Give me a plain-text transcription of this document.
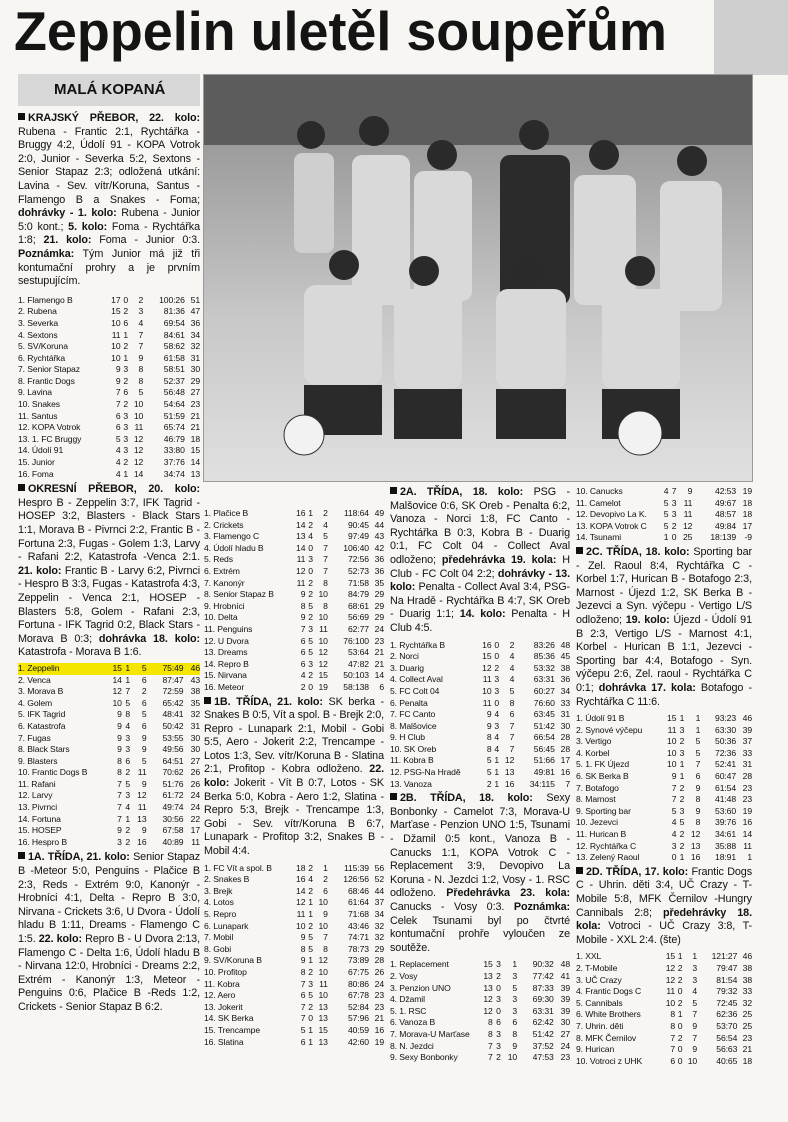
Zeppelin uletěl soupeřům
MALÁ KOPANÁ

KRAJSKÝ PŘEBOR, 22. kolo: Rubena - Frantic 2:1, Rychtářka - Bruggy 4:2, Údolí 91 - KOPA Votrok 2:0, Junior - Severka 5:2, Sextons - Senior Stapaz 2:3; odložená utkání: Lavina - Sev. vítr/Koruna, Santus - Flamengo B a Snakes - Foma; dohrávky - 1. kolo: Rubena - Junior 5:0 kont.; 5. kolo: Foma - Rychtářka 1:8; 21. kolo: Foma - Junior 0:3. Poznámka: Tým Junior má již tři kontumační prohry a je prvním sestupujícím.

1. Flamengo B	17	0	2	100:26	51
2. Rubena	15	2	3	81:36	47
3. Severka	10	6	4	69:54	36
4. Sextons	11	1	7	84:61	34
5. SV/Koruna	10	2	7	58:62	32
6. Rychtářka	10	1	9	61:58	31
7. Senior Stapaz	9	3	8	58:51	30
8. Frantic Dogs	9	2	8	52:37	29
9. Lavina	7	6	5	56:48	27
10. Snakes	7	2	10	54:64	23
11. Santus	6	3	10	51:59	21
12. KOPA Votrok	6	3	11	65:74	21
13. 1. FC Bruggy	5	3	12	46:79	18
14. Údolí 91	4	3	12	33:80	15
15. Junior	4	2	12	37:76	14
16. Foma	4	1	14	34:74	13

OKRESNÍ PŘEBOR, 20. kolo: Hespro B - Zeppelin 3:7, IFK Tagrid - HOSEP 3:2, Blasters - Black Stars 1:1, Morava B - Pivrnci 2:2, Frantic B - Fortuna 2:3, Fugas - Golem 1:3, Larvy - Rafani 2:2, Katastrofa -Venca 2:1. 21. kolo: Frantic B - Larvy 6:2, Pivrnci - Hespro B 3:3, Fugas - Katastrofa 4:3, Zeppelin - Venca 2:1, HOSEP - Blasters 5:8, Golem - Rafani 2:3, Fortuna - IFK Tagrid 0:2, Black Stars - Morava B 0:3; dohrávka 18. kolo: Katastrofa - Morava B 1:6.

1. Zeppelin	15	1	5	75:49	46
2. Venca	14	1	6	87:47	43
3. Morava B	12	7	2	72:59	38
4. Golem	10	5	6	65:42	35
5. IFK Tagrid	9	8	5	48:41	32
6. Katastrofa	9	4	6	50:42	31
7. Fugas	9	3	9	53:55	30
8. Black Stars	9	3	9	49:56	30
9. Blasters	8	6	5	64:51	27
10. Frantic Dogs B	8	2	11	70:62	26
11. Rafani	7	5	9	51:76	26
12. Larvy	7	3	12	61:72	24
13. Pivrnci	7	4	11	49:74	24
14. Fortuna	7	1	13	30:56	22
15. HOSEP	9	2	9	67:58	17
16. Hespro B	3	2	16	40:89	11

1A. TŘÍDA, 21. kolo: Senior Stapaz B -Meteor 5:0, Penguins - Plačice B 2:3, Reds - Extrém 9:0, Kanonýr - Hrobníci 4:1, Delta - Repro B 3:0, Nirvana - Crickets 3:6, U Dvora - Údolí hladu B 1:11, Dreams - Flamengo C 1:5. 22. kolo: Repro B - U Dvora 2:13, Flamengo C - Delta 1:6, Údolí hladu B - Nirvana 12:0, Hrobníci - Dreams 2:2, Extrém - Kanonýr 1:3, Meteor - Penguins 0:6, Plačice B -Reds 1:2, Crickets - Senior Stapaz B 6:2.

1. Plačice B	16	1	2	118:64	49
2. Crickets	14	2	4	90:45	44
3. Flamengo C	13	4	5	97:49	43
4. Údolí hladu B	14	0	7	106:40	42
5. Reds	11	3	7	72:56	36
6. Extrém	12	0	7	52:73	36
7. Kanonýr	11	2	8	71:58	35
8. Senior Stapaz B	9	2	10	84:79	29
9. Hrobníci	8	5	8	68:61	29
10. Delta	9	2	10	56:69	29
11. Penguins	7	3	11	62:77	24
12. U Dvora	6	5	10	76:100	23
13. Dreams	6	5	12	53:64	21
14. Repro B	6	3	12	47:82	21
15. Nirvana	4	2	15	50:103	14
16. Meteor	2	0	19	58:138	6

1B. TŘÍDA, 21. kolo: SK berka - Snakes B 0:5, Vít a spol. B - Brejk 2:0, Repro - Lunapark 2:1, Mobil - Gobi 5:5, Aero - Jokerit 2:2, Trencampe - Lotos 1:3, Sev. vítr/Koruna B - Slatina 2:1, Profitop - Kobra odloženo. 22. kolo: Jokerit - Vít B 0:7, Lotos - SK Berka 5:0, Kobra - Aero 1:2, Slatina - Repro 5:3, Brejk - Trencampe 1:3, Gobi - Sev. vítr/Koruna B 6:7, Lunapark - Profitop 3:2, Snakes B - Mobil 4:4.

1. FC Vít a spol. B	18	2	1	115:39	56
2. Snakes B	16	4	2	126:56	52
3. Brejk	14	2	6	68:46	44
4. Lotos	12	1	10	61:64	37
5. Repro	11	1	9	71:68	34
6. Lunapark	10	2	10	43:46	32
7. Mobil	9	5	7	74:71	32
8. Gobi	8	5	8	78:73	29
9. SV/Koruna B	9	1	12	73:89	28
10. Profitop	8	2	10	67:75	26
11. Kobra	7	3	11	80:86	24
12. Aero	6	5	10	67:78	23
13. Jokerit	7	2	13	52:84	23
14. SK Berka	7	0	13	57:96	21
15. Trencampe	5	1	15	40:59	16
16. Slatina	6	1	13	42:60	19

2A. TŘÍDA, 18. kolo: PSG - Malšovice 0:6, SK Oreb - Penalta 6:2, Vanoza - Norci 1:8, FC Canto - Rychtářka B 0:3, Kobra B - Duarig 0:1, FC Colt 04 - Collect Aval odloženo; předehrávka 19. kola: H Club - FC Colt 04 2:2; dohrávky - 13. kolo: Penalta - Collect Aval 3:4, PSG-Na Hradě - Rychtářka B 4:7, SK Oreb - Duarig 1:1; 14. kolo: Penalta - H Club 4:5.

1. Rychtářka B	16	0	2	83:26	48
2. Norci	15	0	4	85:36	45
3. Duarig	12	2	4	53:32	38
4. Collect Aval	11	3	4	63:31	36
5. FC Colt 04	10	3	5	60:27	34
6. Penalta	11	0	8	76:60	33
7. FC Canto	9	4	6	63:45	31
8. Malšovice	9	3	7	51:42	30
9. H Club	8	4	7	66:54	28
10. SK Oreb	8	4	7	56:45	28
11. Kobra B	5	1	12	51:66	17
12. PSG-Na Hradě	5	1	13	49:81	16
13. Vanoza	2	1	16	34:115	7

2B. TŘÍDA, 18. kolo: Sexy Bonbonky - Camelot 7:3, Morava-U Marťase - Penzion UNO 1:5, Tsunami - Džamil 0:5 kont., Vanoza B - Canucks 1:1, KOPA Votrok C - Replacement 3:9, Devopivo La Koruna - N. Jezdci 1:2, Vosy - 1. RSC odloženo. Předehrávka 23. kola: Canucks - Vosy 0:3. Poznámka: Celek Tsunami byl po čtvrté kontumační prohře vyloučen ze soutěže.

1. Replacement	15	3	1	90:32	48
2. Vosy	13	2	3	77:42	41
3. Penzion UNO	13	0	5	87:33	39
4. Džamil	12	3	3	69:30	39
5. 1. RSC	12	0	3	63:31	39
6. Vanoza B	8	6	6	62:42	30
7. Morava-U Marťase	8	3	8	51:42	27
8. N. Jezdci	7	3	9	37:52	24
9. Sexy Bonbonky	7	2	10	47:53	23
10. Canucks	4	7	9	42:53	19
11. Camelot	5	3	11	49:67	18
12. Devopivo La K.	5	3	11	48:57	18
13. KOPA Votrok C	5	2	12	49:84	17
14. Tsunami	1	0	25	18:139	-9

2C. TŘÍDA, 18. kolo: Sporting bar - Zel. Raoul 8:4, Rychtářka C - Korbel 1:7, Hurican B - Botafogo 2:3, Marnost - Újezd 1:2, SK Berka B - Jezevci a Syn. výčepu - Vertigo L/S odloženo; 19. kolo: Újezd - Údolí 91 B 2:3, Vertigo L/S - Marnost 4:1, Korbel - Hurican B 1:1, Jezevci - Sporting bar 4:4, Botafogo - Syn. výčepu 2:6, Zel. raoul - Rychtářka C 0:1; dohrávka 17. kola: Botafogo - Rychtářka C 11:6.

1. Údolí 91 B	15	1	1	93:23	46
2. Synové výčepu	11	3	1	63:30	39
3. Vertigo	10	2	5	50:36	37
4. Korbel	10	3	5	72:36	33
5. 1. FK Újezd	10	1	7	52:41	31
6. SK Berka B	9	1	6	60:47	28
7. Botafogo	7	2	9	61:54	23
8. Marnost	7	2	8	41:48	23
9. Sporting bar	5	3	9	53:60	19
10. Jezevci	4	5	8	39:76	16
11. Hurican B	4	2	12	34:61	14
12. Rychtářka C	3	2	13	35:88	11
13. Zelený Raoul	0	1	16	18:91	1

2D. TŘÍDA, 17. kolo: Frantic Dogs C - Uhrin. děti 3:4, UČ Crazy - T-Mobile 5:8, MFK Černilov -Hungry Cannibals 2:8; předehrávky 18. kola: Votroci - UČ Crazy 3:8, T-Mobile - XXL 2:4. (šte)

1. XXL	15	1	1	121:27	46
2. T-Mobile	12	2	3	79:47	38
3. UČ Crazy	12	2	3	81:54	38
4. Frantic Dogs C	11	0	4	79:32	33
5. Cannibals	10	2	5	72:45	32
6. White Brothers	8	1	7	62:36	25
7. Uhrin. děti	8	0	9	53:70	25
8. MFK Černilov	7	2	7	56:54	23
9. Hurican	7	0	9	56:63	21
10. Votroci z UHK	6	0	10	40:65	18
